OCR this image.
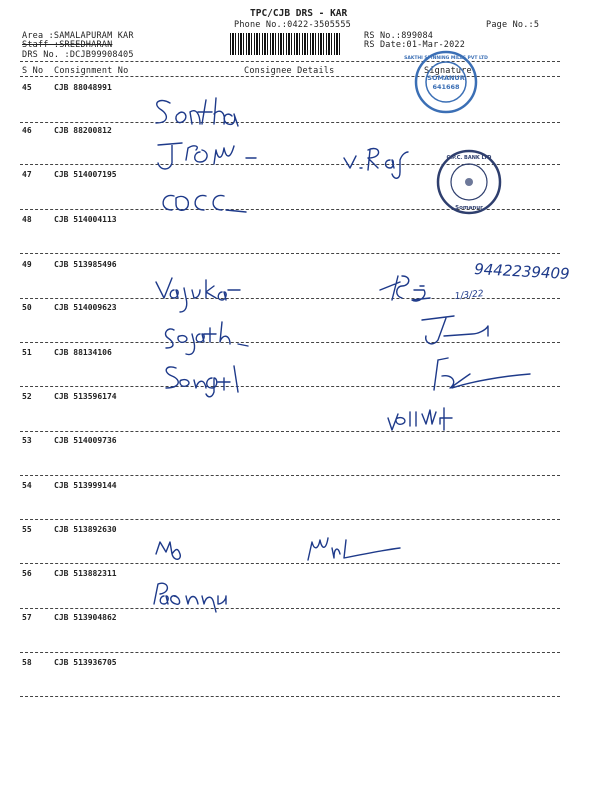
TPC/CJB DRS - KAR
Phone No.:0422-3505555	Page No.:5
Area :SAMALAPURAM KAR
Staff :SREEDHARAN
DRS No. :DCJB99908405
RS No.:899084
RS Date:01-Mar-2022
S No Consignment No	Consignee Details	Signature
45	CJB 88048991
46	CJB 88200812
47	CJB 514007195
48	CJB 514004113
49	CJB 513985496
50	CJB 514009623
51	CJB 88134106
52	CJB 513596174
53	CJB 514009736
54	CJB 513999144
55	CJB 513892630
56	CJB 513882311
57	CJB 513904862
58	CJB 513936705
SOMANUR
641668
SAKTHI SPINNING MILLS PVT LTD
C.P.C. BANK LTD
Somanur
9442239409
1/3/22
